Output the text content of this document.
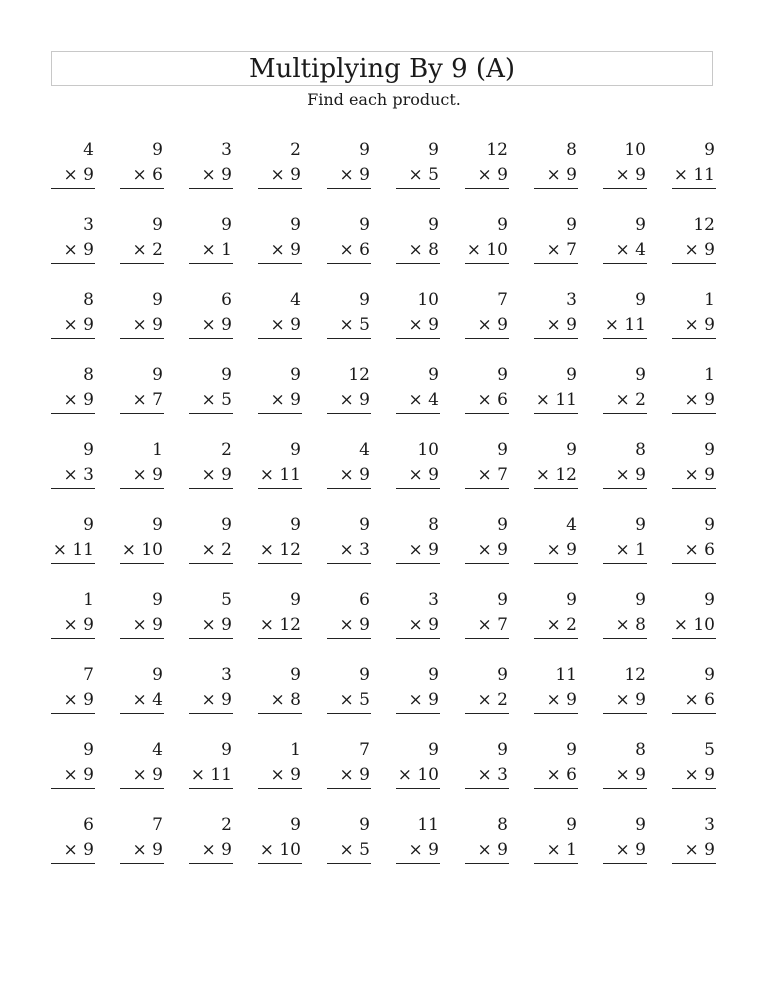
Multiplying By 9 (A)
Find each product.
4
× 9
9
× 6
3
× 9
2
× 9
9
× 9
9
× 5
12
× 9
8
× 9
10
× 9
9
× 11
3
× 9
9
× 2
9
× 1
9
× 9
9
× 6
9
× 8
9
× 10
9
× 7
9
× 4
12
× 9
8
× 9
9
× 9
6
× 9
4
× 9
9
× 5
10
× 9
7
× 9
3
× 9
9
× 11
1
× 9
8
× 9
9
× 7
9
× 5
9
× 9
12
× 9
9
× 4
9
× 6
9
× 11
9
× 2
1
× 9
9
× 3
1
× 9
2
× 9
9
× 11
4
× 9
10
× 9
9
× 7
9
× 12
8
× 9
9
× 9
9
× 11
9
× 10
9
× 2
9
× 12
9
× 3
8
× 9
9
× 9
4
× 9
9
× 1
9
× 6
1
× 9
9
× 9
5
× 9
9
× 12
6
× 9
3
× 9
9
× 7
9
× 2
9
× 8
9
× 10
7
× 9
9
× 4
3
× 9
9
× 8
9
× 5
9
× 9
9
× 2
11
× 9
12
× 9
9
× 6
9
× 9
4
× 9
9
× 11
1
× 9
7
× 9
9
× 10
9
× 3
9
× 6
8
× 9
5
× 9
6
× 9
7
× 9
2
× 9
9
× 10
9
× 5
11
× 9
8
× 9
9
× 1
9
× 9
3
× 9
